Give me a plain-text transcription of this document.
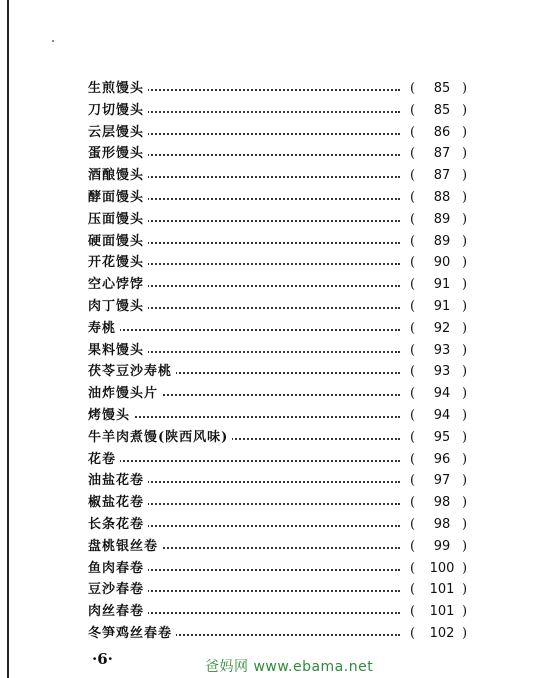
生煎馒头	(	85 )
刀切馒头	(	85 )
云层馒头	(	86 )
蛋形馒头	(	87 )
酒酿馒头	(	87 )
酵面馒头	(	88 )
压面馒头	(	89 )
硬面馒头	(	89 )
开花馒头	(	90 )
空心饽饽	(	91 )
肉丁馒头	(	91 )
寿桃	(	92 )
果料馒头	(	93 )
茯苓豆沙寿桃	(	93 )
油炸馒头片	(	94 )
烤馒头	(	94 )
牛羊肉煮馒(陕西风味)	(	95 )
花卷	(	96 )
油盐花卷	(	97 )
椒盐花卷	(	98 )
长条花卷	(	98 )
盘桃银丝卷	(	99 )
鱼肉春卷	(	100 )
豆沙春卷	(	101 )
肉丝春卷	(	101 )
冬笋鸡丝春卷	(	102 )
·6·	爸妈网 www.ebama.net
